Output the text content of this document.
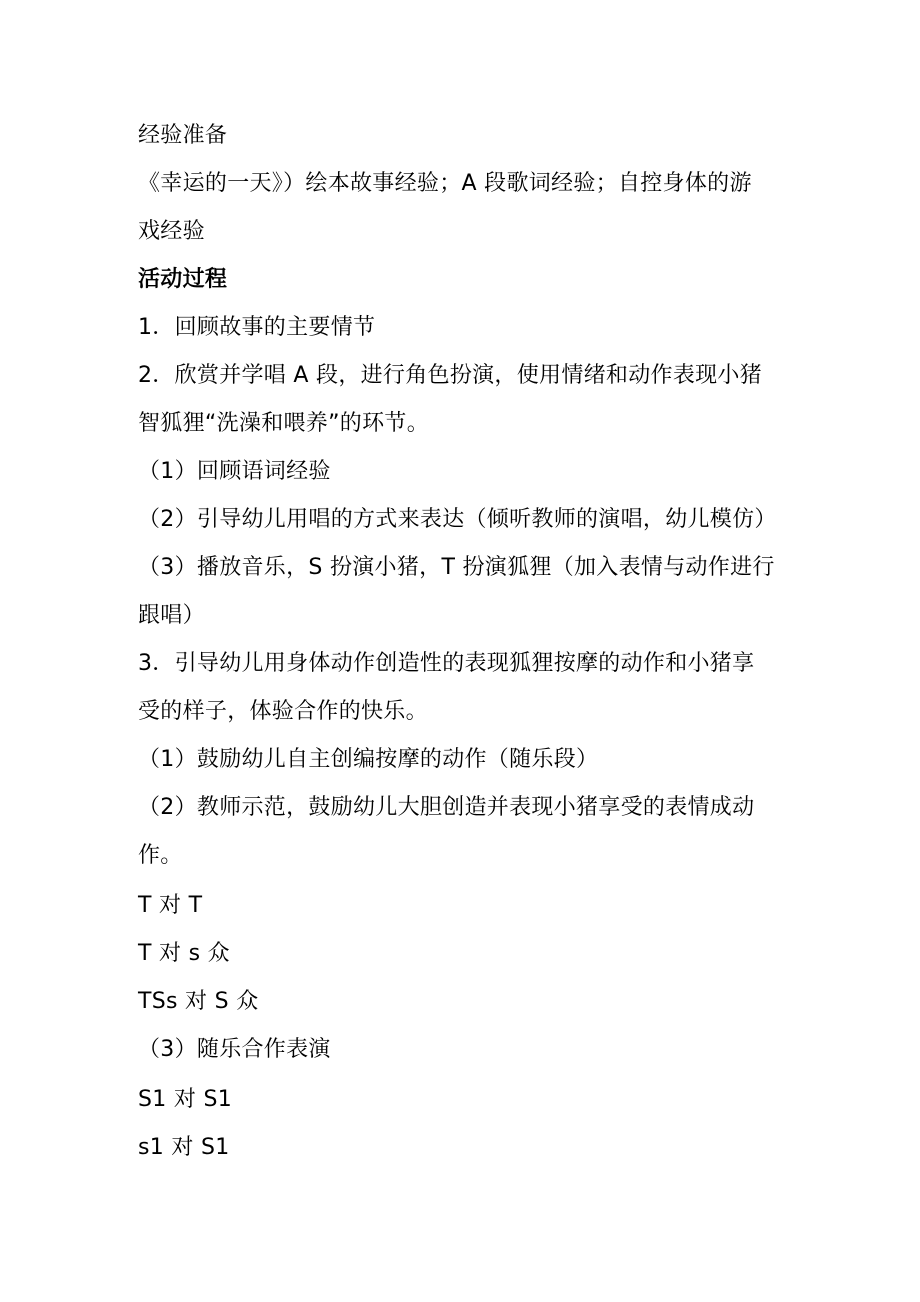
经验准备
《幸运的一天》）绘本故事经验；A 段歌词经验；自控身体的游
戏经验
活动过程
1．回顾故事的主要情节
2．欣赏并学唱 A 段，进行角色扮演，使用情绪和动作表现小猪
智狐狸“洗澡和喂养”的环节。
（1）回顾语词经验
（2）引导幼儿用唱的方式来表达（倾听教师的演唱，幼儿模仿）
（3）播放音乐，S 扮演小猪，T 扮演狐狸（加入表情与动作进行
跟唱）
3．引导幼儿用身体动作创造性的表现狐狸按摩的动作和小猪享
受的样子，体验合作的快乐。
（1）鼓励幼儿自主创编按摩的动作（随乐段）
（2）教师示范，鼓励幼儿大胆创造并表现小猪享受的表情成动
作。
T 对 T
T 对 s 众
TSs 对 S 众
（3）随乐合作表演
S1 对 S1
s1 对 S1
